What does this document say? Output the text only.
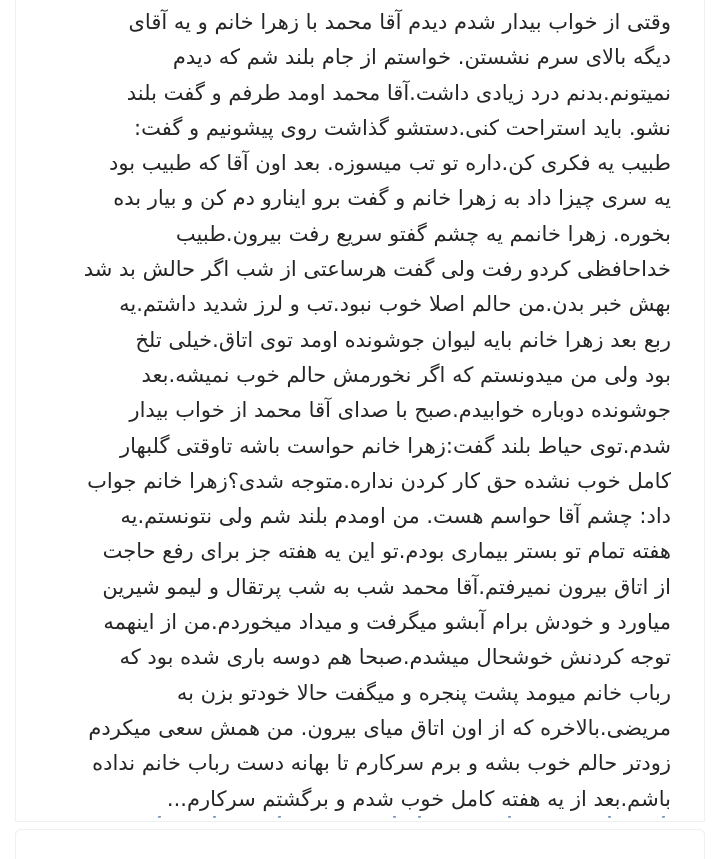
وقتی از خواب بیدار شدم دیدم آقا محمد با زهرا خانم و یه آقای
دیگه بالای سرم نشستن. خواستم از جام بلند شم که دیدم
نمیتونم.بدنم درد زیادی داشت.آقا محمد اومد طرفم و گفت بلند
نشو. باید استراحت کنی.دستشو گذاشت روی پیشونیم و گفت:
طبیب یه فکری کن.داره تو تب میسوزه. بعد اون آقا که طبیب بود
یه سری چیزا داد به زهرا خانم و گفت برو اینارو دم کن و بیار بده
بخوره. زهرا خانمم یه چشم گفتو سریع رفت بیرون.طبیب
خداحافظی کردو رفت ولی گفت هرساعتی از شب اگر حالش بد شد
بهش خبر بدن.من حالم اصلا خوب نبود.تب و لرز شدید داشتم.یه
ربع بعد زهرا خانم بایه لیوان جوشونده اومد توی اتاق.خیلی تلخ
بود ولی من میدونستم که اگر نخورمش حالم خوب نمیشه.بعد
جوشونده دوباره خوابیدم.صبح با صدای آقا محمد از خواب بیدار
شدم.توی حیاط بلند گفت:زهرا خانم حواست باشه تاوقتی گلبهار
کامل خوب نشده حق کار کردن نداره.متوجه شدی؟زهرا خانم جواب
داد: چشم آقا حواسم هست. من اومدم بلند شم ولی نتونستم.یه
هفته تمام تو بستر بیماری بودم.تو این یه هفته جز برای رفع حاجت
از اتاق بیرون نمیرفتم.آقا محمد شب به شب پرتقال و لیمو شیرین
میاورد و خودش برام آبشو میگرفت و میداد میخوردم.من از اینهمه
توجه کردنش خوشحال میشدم.صبحا هم دوسه باری شده بود که
رباب خانم میومد پشت پنجره و میگفت حالا خودتو بزن به
مریضی.بالاخره که از اون اتاق میای بیرون. من همش سعی میکردم
زودتر حالم خوب بشه و برم سرکارم تا بهانه دست رباب خانم نداده
باشم.بعد از یه هفته کامل خوب شدم و برگشتم سرکارم...
